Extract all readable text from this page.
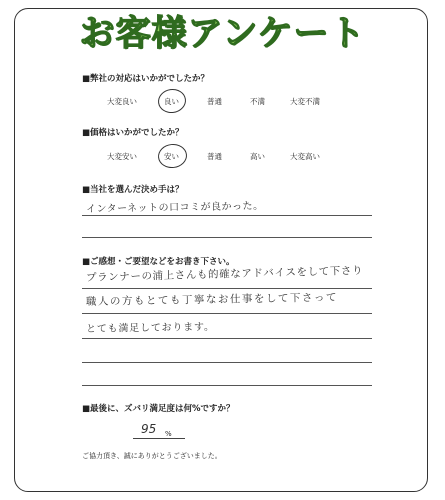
お客様アンケート
■弊社の対応はいかがでしたか？
大変良い	良い	普通	不満	大変不満
■価格はいかがでしたか？
大変安い	安い	普通	高い	大変高い
■当社を選んだ決め手は？
インターネットの口コミが良かった。
■ご感想・ご要望などをお書き下さい。
プランナーの浦上さんも的確なアドバイスをして下さり
職人の方もとても丁寧なお仕事をして下さって
とても満足しております。
■最後に、ズバリ満足度は何%ですか？
95 %
ご協力頂き、誠にありがとうございました。
